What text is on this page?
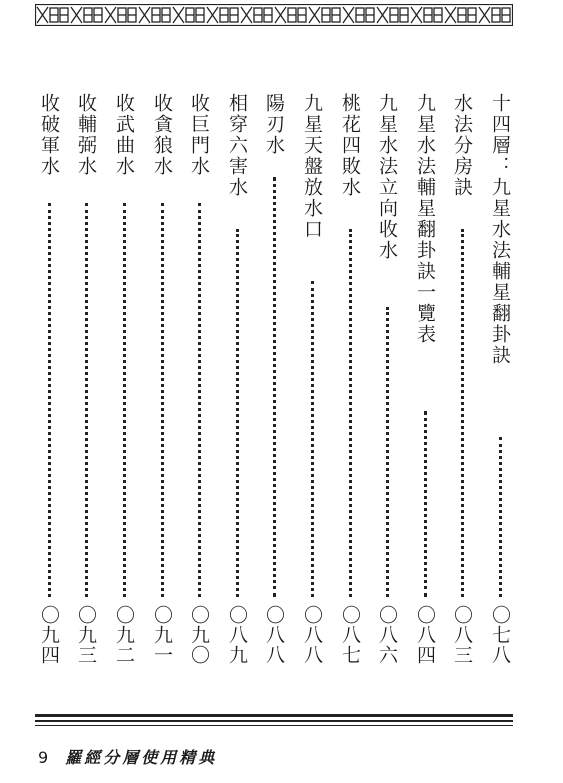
十四層：九星水法輔星翻卦訣
〇七八
水法分房訣
〇八三
九星水法輔星翻卦訣一覽表
〇八四
九星水法立向收水
〇八六
桃花四敗水
〇八七
九星天盤放水口
〇八八
陽刃水
〇八八
相穿六害水
〇八九
收巨門水
〇九〇
收貪狼水
〇九一
收武曲水
〇九二
收輔弼水
〇九三
收破軍水
〇九四
9 羅經分層使用精典
